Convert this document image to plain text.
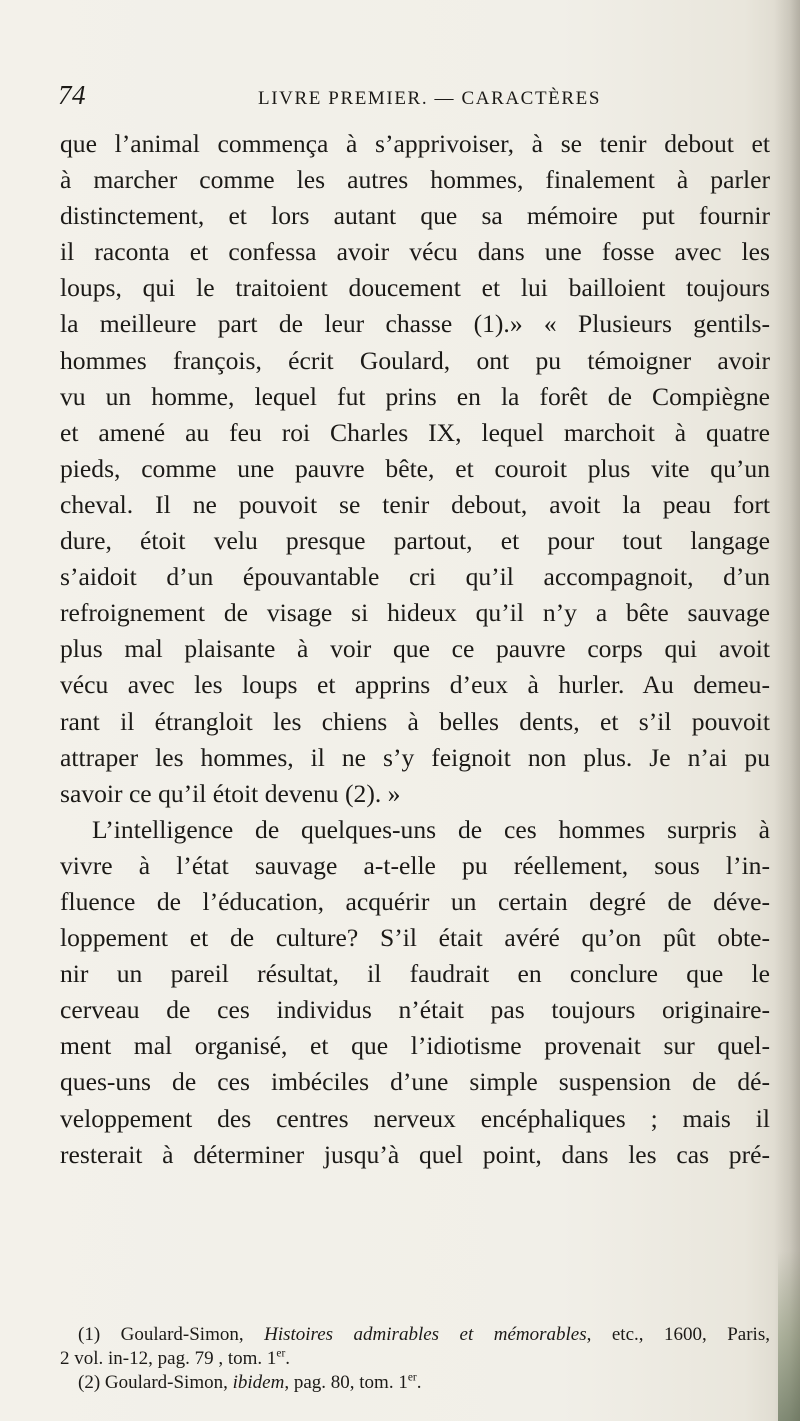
74	LIVRE PREMIER. — CARACTÈRES
que l’animal commença à s’apprivoiser, à se tenir debout et
à marcher comme les autres hommes, finalement à parler
distinctement, et lors autant que sa mémoire put fournir
il raconta et confessa avoir vécu dans une fosse avec les
loups, qui le traitoient doucement et lui bailloient toujours
la meilleure part de leur chasse (1).» « Plusieurs gentils-
hommes françois, écrit Goulard, ont pu témoigner avoir
vu un homme, lequel fut prins en la forêt de Compiègne
et amené au feu roi Charles IX, lequel marchoit à quatre
pieds, comme une pauvre bête, et couroit plus vite qu’un
cheval. Il ne pouvoit se tenir debout, avoit la peau fort
dure, étoit velu presque partout, et pour tout langage
s’aidoit d’un épouvantable cri qu’il accompagnoit, d’un
refroignement de visage si hideux qu’il n’y a bête sauvage
plus mal plaisante à voir que ce pauvre corps qui avoit
vécu avec les loups et apprins d’eux à hurler. Au demeu-
rant il étrangloit les chiens à belles dents, et s’il pouvoit
attraper les hommes, il ne s’y feignoit non plus. Je n’ai pu
savoir ce qu’il étoit devenu (2). »
L’intelligence de quelques-uns de ces hommes surpris à
vivre à l’état sauvage a-t-elle pu réellement, sous l’in-
fluence de l’éducation, acquérir un certain degré de déve-
loppement et de culture? S’il était avéré qu’on pût obte-
nir un pareil résultat, il faudrait en conclure que le
cerveau de ces individus n’était pas toujours originaire-
ment mal organisé, et que l’idiotisme provenait sur quel-
ques-uns de ces imbéciles d’une simple suspension de dé-
veloppement des centres nerveux encéphaliques ; mais il
resterait à déterminer jusqu’à quel point, dans les cas pré-
(1) Goulard-Simon, Histoires admirables et mémorables, etc., 1600, Paris,
2 vol. in-12, pag. 79 , tom. 1er.
(2) Goulard-Simon, ibidem, pag. 80, tom. 1er.
